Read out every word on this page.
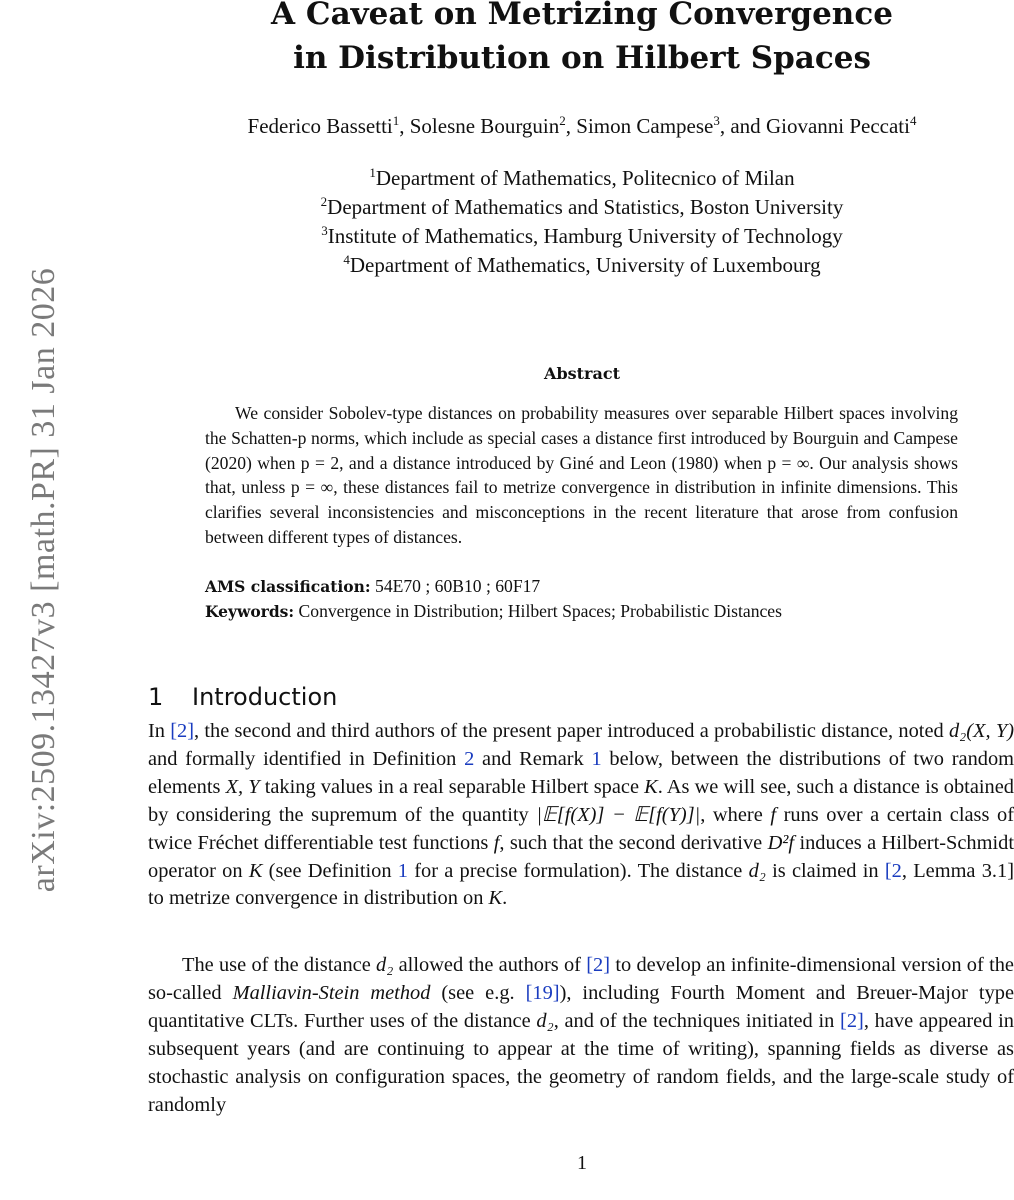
arXiv:2509.13427v3 [math.PR] 31 Jan 2026
A Caveat on Metrizing Convergence
in Distribution on Hilbert Spaces
Federico Bassetti$^1$, Solesne Bourguin$^2$, Simon Campese$^3$, and Giovanni Peccati$^4$
$^1$Department of Mathematics, Politecnico of Milan
$^2$Department of Mathematics and Statistics, Boston University
$^3$Institute of Mathematics, Hamburg University of Technology
$^4$Department of Mathematics, University of Luxembourg
Abstract

We consider Sobolev-type distances on probability measures over separable Hilbert spaces involving the Schatten-p norms, which include as special cases a distance first introduced by Bourguin and Campese (2020) when p = 2, and a distance introduced by Giné and Leon (1980) when p = ∞. Our analysis shows that, unless p = ∞, these distances fail to metrize convergence in distribution in infinite dimensions. This clarifies several inconsistencies and misconceptions in the recent literature that arose from confusion between different types of distances.

AMS classification: 54E70 ; 60B10 ; 60F17
Keywords: Convergence in Distribution; Hilbert Spaces; Probabilistic Distances
1 Introduction

In [2], the second and third authors of the present paper introduced a probabilistic distance, noted d₂(X, Y) and formally identified in Definition 2 and Remark 1 below, between the distributions of two random elements X, Y taking values in a real separable Hilbert space K. As we will see, such a distance is obtained by considering the supremum of the quantity |𝔼[f(X)] − 𝔼[f(Y)]|, where f runs over a certain class of twice Fréchet differentiable test functions f, such that the second derivative D²f induces a Hilbert-Schmidt operator on K (see Definition 1 for a precise formulation). The distance d₂ is claimed in [2, Lemma 3.1] to metrize convergence in distribution on K.

The use of the distance d₂ allowed the authors of [2] to develop an infinite-dimensional version of the so-called Malliavin-Stein method (see e.g. [19]), including Fourth Moment and Breuer-Major type quantitative CLTs. Further uses of the distance d₂, and of the techniques initiated in [2], have appeared in subsequent years (and are continuing to appear at the time of writing), spanning fields as diverse as stochastic analysis on configuration spaces, the geometry of random fields, and the large-scale study of randomly

1
